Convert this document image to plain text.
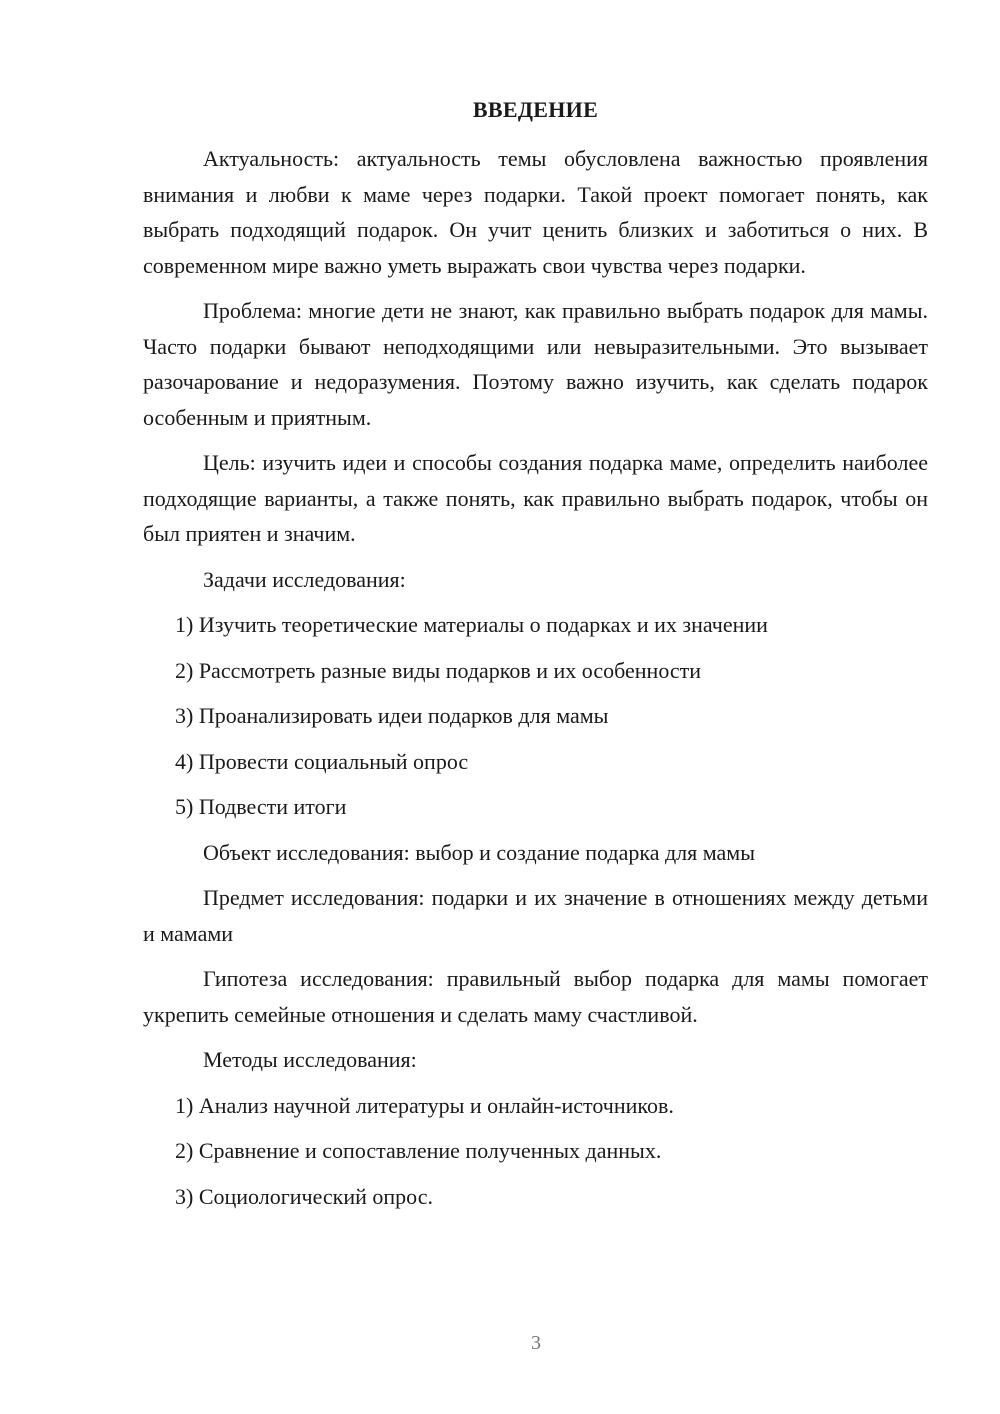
ВВЕДЕНИЕ

Актуальность: актуальность темы обусловлена важностью проявления внимания и любви к маме через подарки. Такой проект помогает понять, как выбрать подходящий подарок. Он учит ценить близких и заботиться о них. В современном мире важно уметь выражать свои чувства через подарки.

Проблема: многие дети не знают, как правильно выбрать подарок для мамы. Часто подарки бывают неподходящими или невыразительными. Это вызывает разочарование и недоразумения. Поэтому важно изучить, как сделать подарок особенным и приятным.

Цель: изучить идеи и способы создания подарка маме, определить наиболее подходящие варианты, а также понять, как правильно выбрать подарок, чтобы он был приятен и значим.

Задачи исследования:

1) Изучить теоретические материалы о подарках и их значении
2) Рассмотреть разные виды подарков и их особенности
3) Проанализировать идеи подарков для мамы
4) Провести социальный опрос
5) Подвести итоги

Объект исследования: выбор и создание подарка для мамы

Предмет исследования: подарки и их значение в отношениях между детьми и мамами

Гипотеза исследования: правильный выбор подарка для мамы помогает укрепить семейные отношения и сделать маму счастливой.

Методы исследования:

1) Анализ научной литературы и онлайн-источников.
2) Сравнение и сопоставление полученных данных.
3) Социологический опрос.
3
